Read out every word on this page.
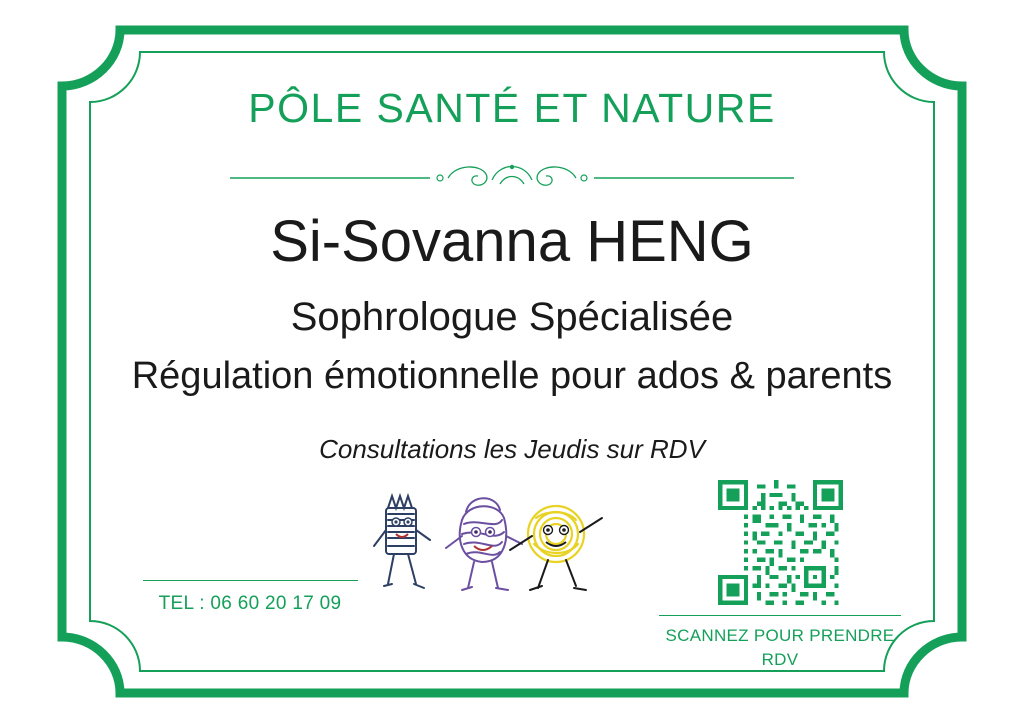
PÔLE SANTÉ ET NATURE
Si-Sovanna HENG
Sophrologue Spécialisée
Régulation émotionnelle pour ados & parents
Consultations les Jeudis sur RDV
SCANNEZ POUR PRENDRE
RDV
TEL : 06 60 20 17 09
